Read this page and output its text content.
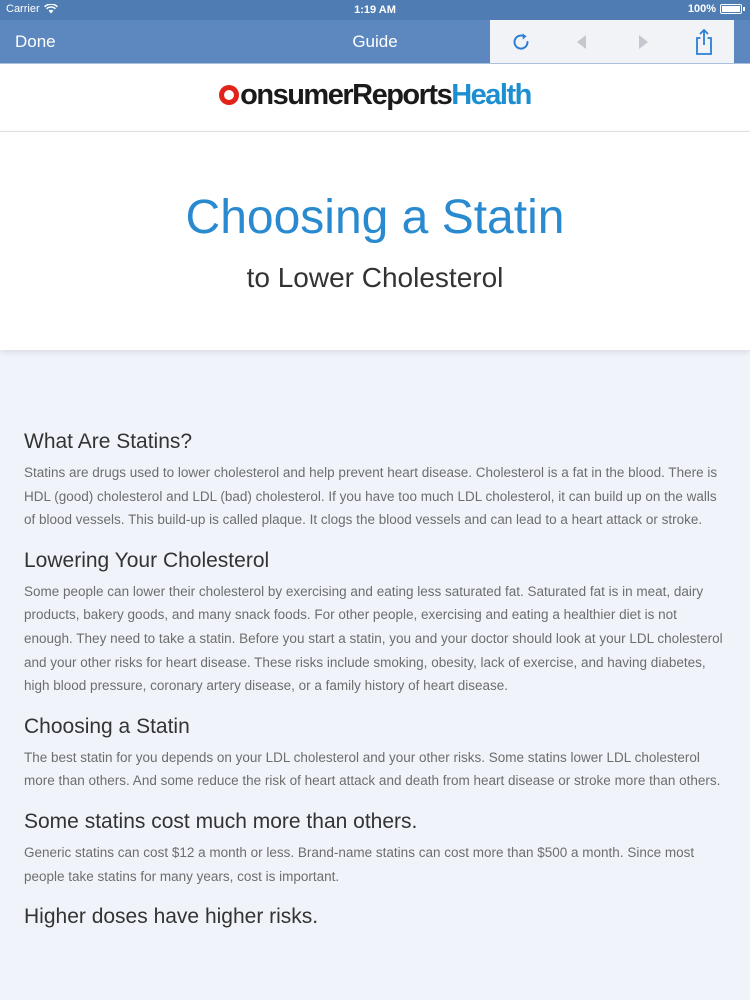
Carrier	1:19 AM	100%
Done	Guide
onsumerReportsHealth
Choosing a Statin
to Lower Cholesterol
What Are Statins?

Statins are drugs used to lower cholesterol and help prevent heart disease. Cholesterol is a fat in the blood. There is HDL (good) cholesterol and LDL (bad) cholesterol. If you have too much LDL cholesterol, it can build up on the walls of blood vessels. This build-up is called plaque. It clogs the blood vessels and can lead to a heart attack or stroke.

Lowering Your Cholesterol

Some people can lower their cholesterol by exercising and eating less saturated fat. Saturated fat is in meat, dairy products, bakery goods, and many snack foods. For other people, exercising and eating a healthier diet is not enough. They need to take a statin. Before you start a statin, you and your doctor should look at your LDL cholesterol and your other risks for heart disease. These risks include smoking, obesity, lack of exercise, and having diabetes, high blood pressure, coronary artery disease, or a family history of heart disease.

Choosing a Statin

The best statin for you depends on your LDL cholesterol and your other risks. Some statins lower LDL cholesterol more than others. And some reduce the risk of heart attack and death from heart disease or stroke more than others.

Some statins cost much more than others.

Generic statins can cost $12 a month or less. Brand-name statins can cost more than $500 a month. Since most people take statins for many years, cost is important.

Higher doses have higher risks.
